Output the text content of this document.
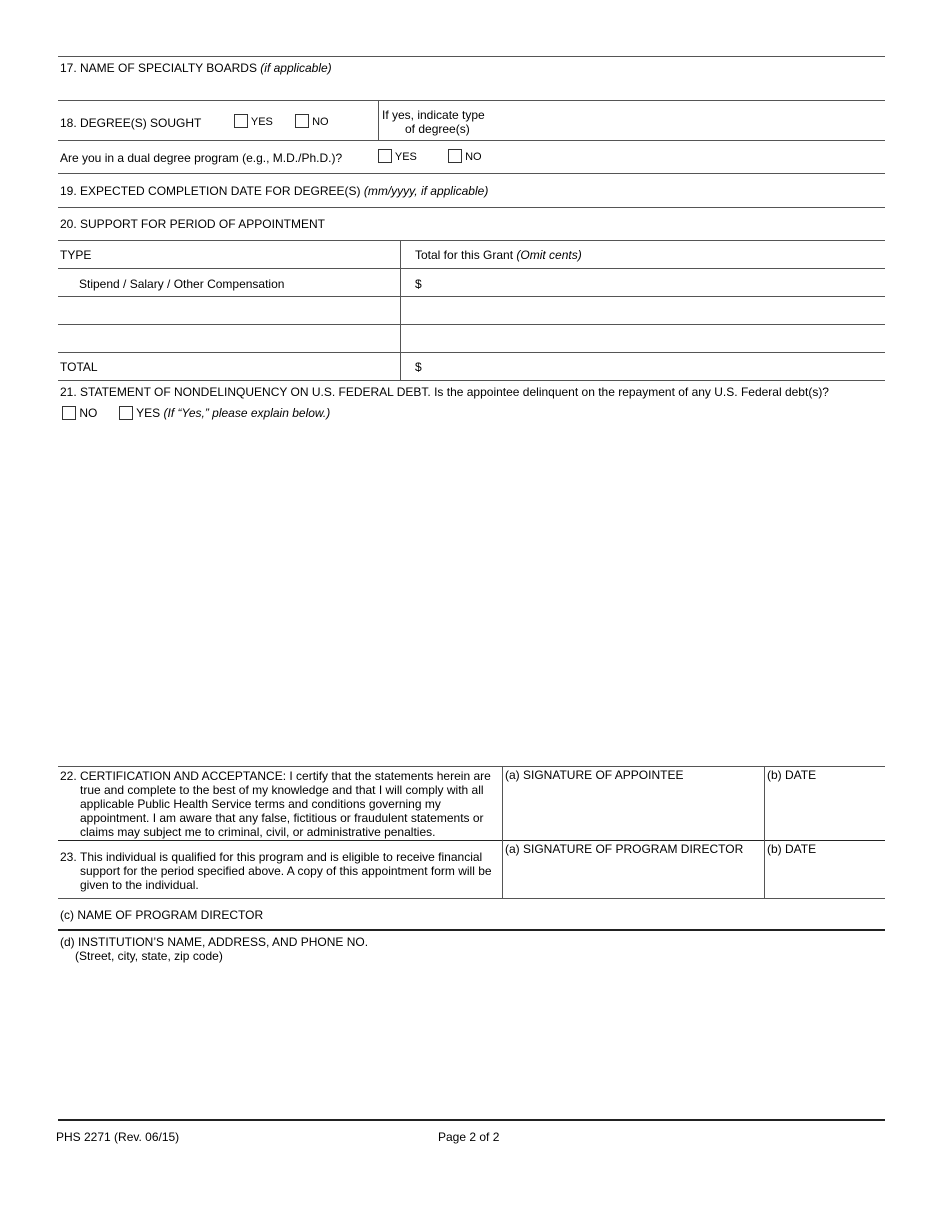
17. NAME OF SPECIALTY BOARDS (if applicable)
18. DEGREE(S) SOUGHT	YES	NO	If yes, indicate type
of degree(s)
Are you in a dual degree program (e.g., M.D./Ph.D.)?	YES	NO
19. EXPECTED COMPLETION DATE FOR DEGREE(S) (mm/yyyy, if applicable)
20. SUPPORT FOR PERIOD OF APPOINTMENT
TYPE	Total for this Grant (Omit cents)
Stipend / Salary / Other Compensation	$
TOTAL	$
21. STATEMENT OF NONDELINQUENCY ON U.S. FEDERAL DEBT. Is the appointee delinquent on the repayment of any U.S. Federal debt(s)?
NO	YES (If “Yes,” please explain below.)
22. CERTIFICATION AND ACCEPTANCE: I certify that the statements herein are true and complete to the best of my knowledge and that I will comply with all applicable Public Health Service terms and conditions governing my appointment. I am aware that any false, fictitious or fraudulent statements or claims may subject me to criminal, civil, or administrative penalties.
(a) SIGNATURE OF APPOINTEE	(b) DATE
23. This individual is qualified for this program and is eligible to receive financial support for the period specified above. A copy of this appointment form will be given to the individual.
(a) SIGNATURE OF PROGRAM DIRECTOR (b) DATE
(c) NAME OF PROGRAM DIRECTOR
(d) INSTITUTION’S NAME, ADDRESS, AND PHONE NO.
(Street, city, state, zip code)
PHS 2271 (Rev. 06/15)	Page 2 of 2
